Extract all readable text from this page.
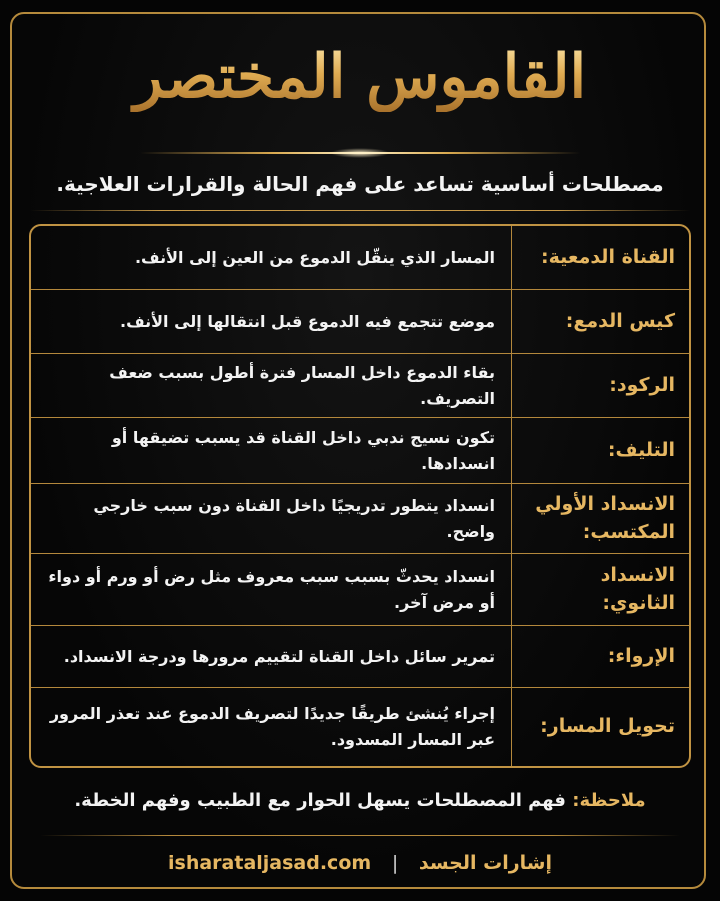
القاموس المختصر
مصطلحات أساسية تساعد على فهم الحالة والقرارات العلاجية.
القناة الدمعية:
المسار الذي ينقّل الدموع من العين إلى الأنف.
كيس الدمع:
موضع تتجمع فيه الدموع قبل انتقالها إلى الأنف.
الركود:
بقاء الدموع داخل المسار فترة أطول بسبب ضعف التصريف.
التليف:
تكون نسيج ندبي داخل القناة قد يسبب تضيقها أو انسدادها.
الانسداد الأولي المكتسب:
انسداد يتطور تدريجيًا داخل القناة دون سبب خارجي واضح.
الانسداد الثانوي:
انسداد يحدثّ بسبب سبب معروف مثل رض أو ورم أو دواء أو مرض آخر.
الإرواء:
تمرير سائل داخل القناة لتقييم مرورها ودرجة الانسداد.
تحويل المسار:
إجراء يُنشئ طريقًا جديدًا لتصريف الدموع عند تعذر المرور عبر المسار المسدود.
ملاحظة: فهم المصطلحات يسهل الحوار مع الطبيب وفهم الخطة.
isharataljasad.com | إشارات الجسد
